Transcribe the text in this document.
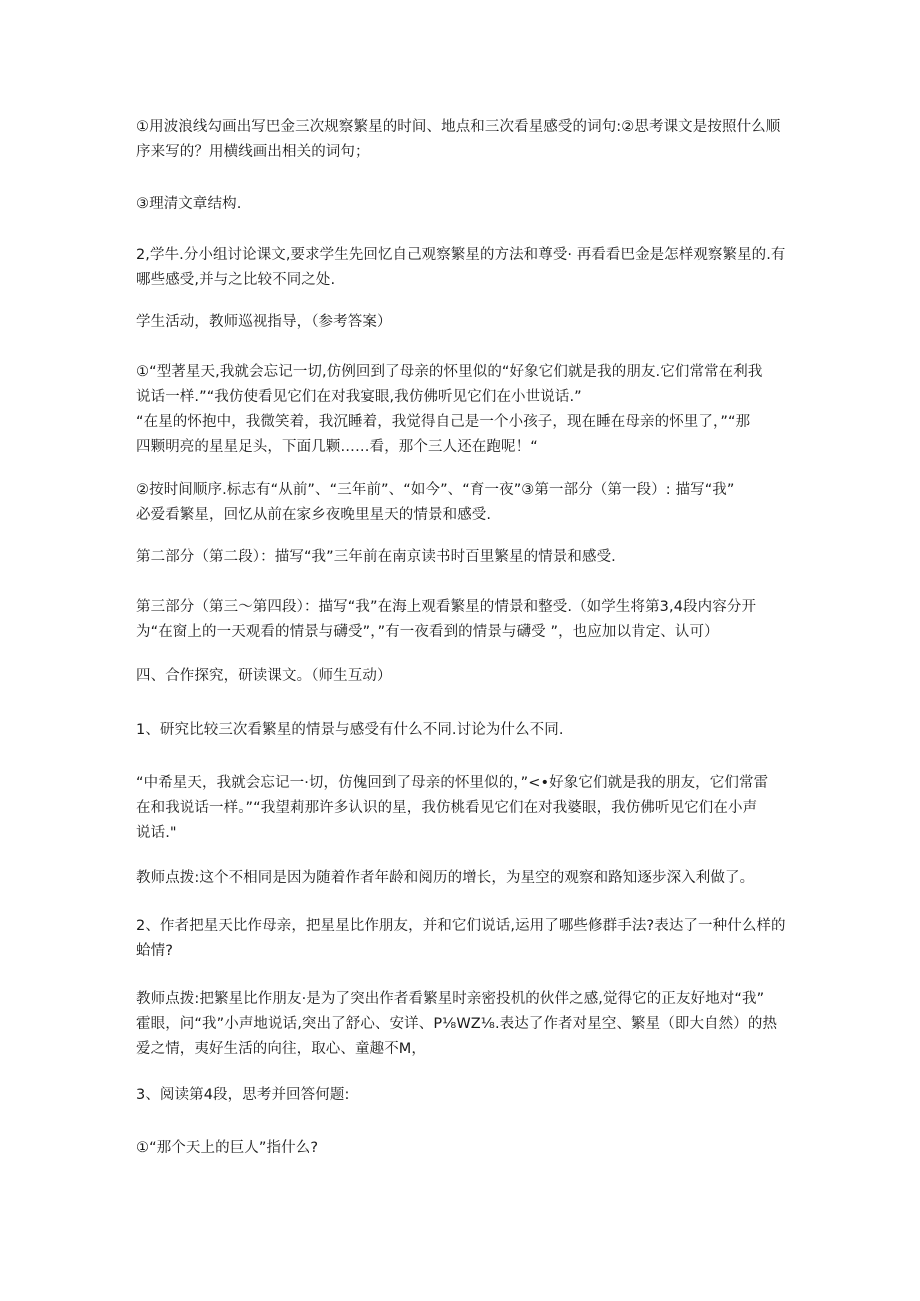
①用波浪线勾画出写巴金三次规察繁星的时间、地点和三次看星感受的词句:②思考课文是按照什么顺
序来写的？用横线画出相关的词句；

③理清文章结构.

2,学牛.分小组讨论课文,要求学生先回忆自己观察繁星的方法和尊受· 再看看巴金是怎样观察繁星的.有
哪些感受,并与之比较不同之处.

学生活动，教师巡视指导，（参考答案）

①“型著星天,我就会忘记一切,仿例回到了母亲的怀里似的“好象它们就是我的朋友.它们常常在利我
说话一样.”“我仿使看见它们在对我宴眼,我仿佛听见它们在小世说话.”
“在星的怀抱中，我微笑着，我沉睡着，我觉得自己是一个小孩子，现在睡在母亲的怀里了，”“那
四颗明亮的星星足头，下面几颗……看，那个三人还在跑呢！“

②按时间顺序.标志有“从前”、“三年前”、“如今”、“育一夜”③第一部分（第一段）: 描写“我”
必爱看繁星，回忆从前在家乡夜晚里星天的情景和感受.

第二部分（第二段）：描写“我”三年前在南京读书时百里繁星的情景和感受.

第三部分（第三〜第四段）：描写“我”在海上观看繁星的情景和整受.（如学生将第3,4段内容分开
为“在窗上的一天观看的情景与礴受”，”有一夜看到的情景与礴受 ”，也应加以肯定、认可）

四、合作探究，研读课文。（师生互动）

1、研究比较三次看繁星的情景与感受有什么不同.讨论为什么不同.

“中希星天，我就会忘记一·切，仿傀回到了母亲的怀里似的，”<•好象它们就是我的朋友，它们常雷
在和我说话一样。”“我望莉那许多认识的星，我仿桃看见它们在对我婆眼，我仿佛听见它们在小声
说话."

教师点拨:这个不相同是因为随着作者年龄和阅历的增长，为星空的观察和路知逐步深入利做了。

2、作者把星天比作母亲，把星星比作朋友，并和它们说话,运用了哪些修群手法?表达了一种什么样的
蛤情?

教师点拨:把繁星比作朋友·是为了突出作者看繁星时亲密投机的伙伴之感,觉得它的正友好地对“我”
霍眼，问“我”小声地说话,突出了舒心、安详、P⅛WZ⅛.表达了作者对星空、繁星（即大自然）的热
爱之情，夷好生活的向往，取心、童趣不M，

3、阅读第4段，思考并回答何题:

①“那个天上的巨人”指什么?
